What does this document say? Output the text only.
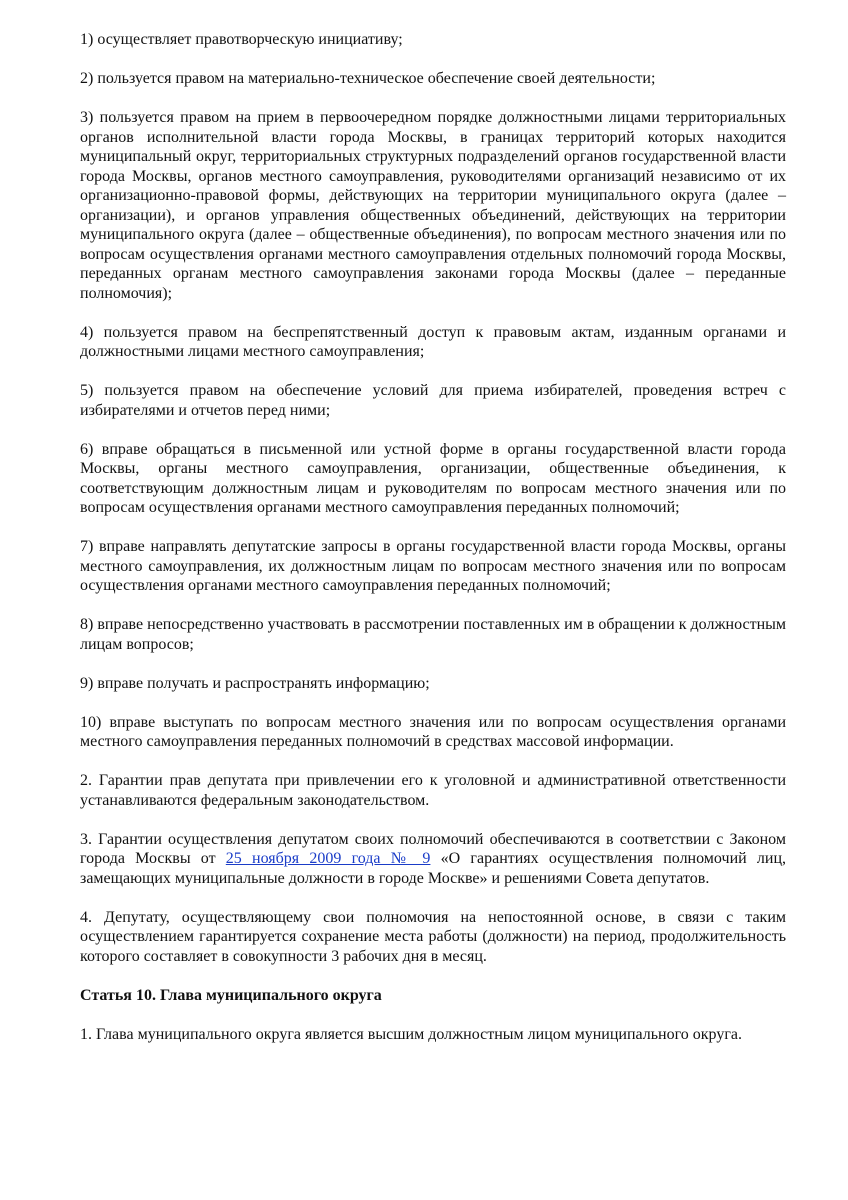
1) осуществляет правотворческую инициативу;

2) пользуется правом на материально-техническое обеспечение своей деятельности;

3) пользуется правом на прием в первоочередном порядке должностными лицами территориальных органов исполнительной власти города Москвы, в границах территорий которых находится муниципальный округ, территориальных структурных подразделений органов государственной власти города Москвы, органов местного самоуправления, руководителями организаций независимо от их организационно-правовой формы, действующих на территории муниципального округа (далее – организации), и органов управления общественных объединений, действующих на территории муниципального округа (далее – общественные объединения), по вопросам местного значения или по вопросам осуществления органами местного самоуправления отдельных полномочий города Москвы, переданных органам местного самоуправления законами города Москвы (далее – переданные полномочия);

4) пользуется правом на беспрепятственный доступ к правовым актам, изданным органами и должностными лицами местного самоуправления;

5) пользуется правом на обеспечение условий для приема избирателей, проведения встреч с избирателями и отчетов перед ними;

6) вправе обращаться в письменной или устной форме в органы государственной власти города Москвы, органы местного самоуправления, организации, общественные объединения, к соответствующим должностным лицам и руководителям по вопросам местного значения или по вопросам осуществления органами местного самоуправления переданных полномочий;

7) вправе направлять депутатские запросы в органы государственной власти города Москвы, органы местного самоуправления, их должностным лицам по вопросам местного значения или по вопросам осуществления органами местного самоуправления переданных полномочий;

8) вправе непосредственно участвовать в рассмотрении поставленных им в обращении к должностным лицам вопросов;

9) вправе получать и распространять информацию;

10) вправе выступать по вопросам местного значения или по вопросам осуществления органами местного самоуправления переданных полномочий в средствах массовой информации.

2. Гарантии прав депутата при привлечении его к уголовной и административной ответственности устанавливаются федеральным законодательством.

3. Гарантии осуществления депутатом своих полномочий обеспечиваются в соответствии с Законом города Москвы от 25 ноября 2009 года № 9 «О гарантиях осуществления полномочий лиц, замещающих муниципальные должности в городе Москве» и решениями Совета депутатов.

4. Депутату, осуществляющему свои полномочия на непостоянной основе, в связи с таким осуществлением гарантируется сохранение места работы (должности) на период, продолжительность которого составляет в совокупности 3 рабочих дня в месяц.

Статья 10. Глава муниципального округа

1. Глава муниципального округа является высшим должностным лицом муниципального округа.
